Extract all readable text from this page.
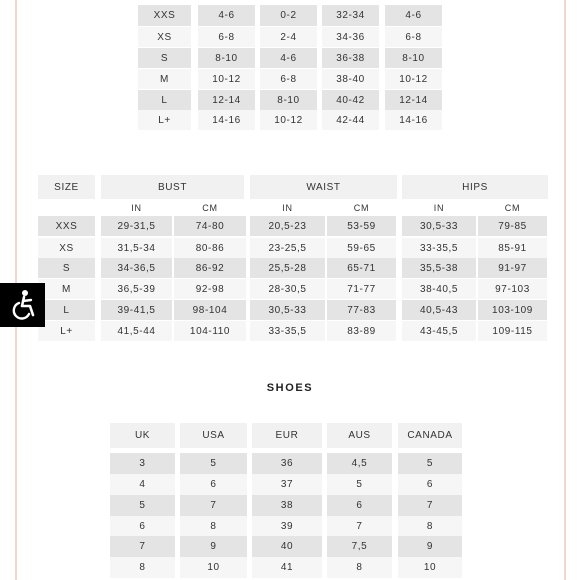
XXS	4-6	0-2	32-34	4-6
XS	6-8	2-4	34-36	6-8
S	8-10	4-6	36-38	8-10
M	10-12	6-8	38-40	10-12
L	12-14	8-10	40-42	12-14
L+	14-16	10-12	42-44	14-16
SIZE	BUST	WAIST	HIPS
IN	CM	IN	CM	IN	CM
XXS	29-31,5	74-80	20,5-23	53-59	30,5-33	79-85
XS	31,5-34	80-86	23-25,5	59-65	33-35,5	85-91
S	34-36,5	86-92	25,5-28	65-71	35,5-38	91-97
M	36,5-39	92-98	28-30,5	71-77	38-40,5	97-103
L	39-41,5	98-104	30,5-33	77-83	40,5-43	103-109
L+	41,5-44	104-110	33-35,5	83-89	43-45,5	109-115
SHOES
UK	USA	EUR	AUS	CANADA
3	5	36	4,5	5
4	6	37	5	6
5	7	38	6	7
6	8	39	7	8
7	9	40	7,5	9
8	10	41	8	10
